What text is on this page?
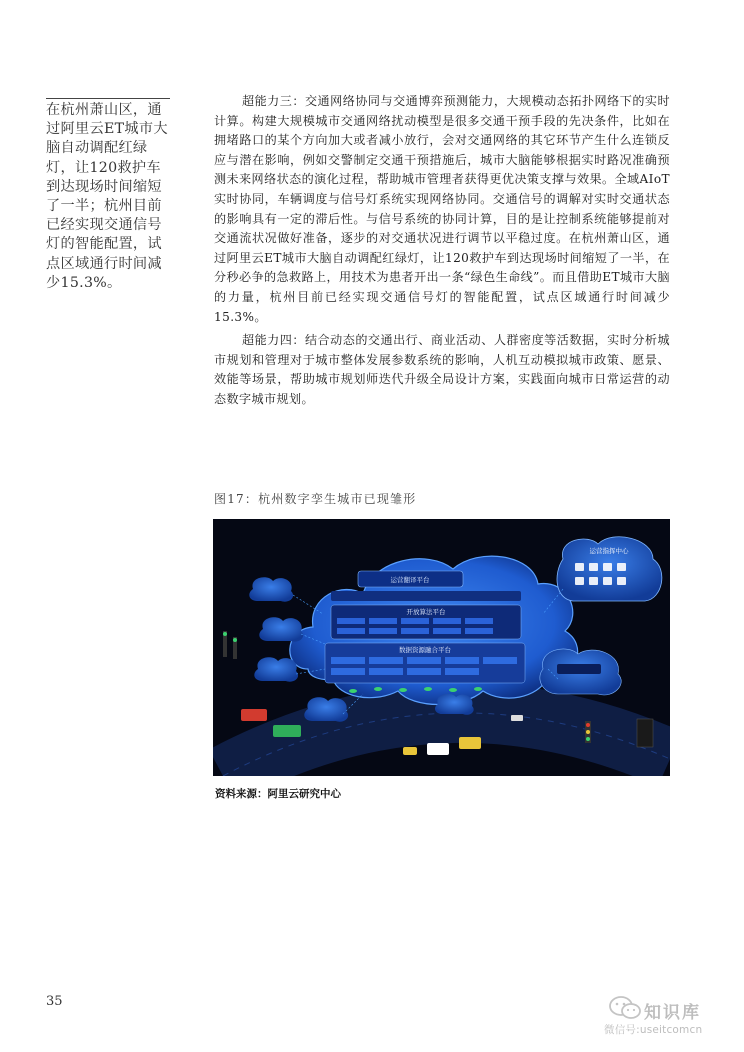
在杭州萧山区，通过阿里云ET城市大脑自动调配红绿灯，让120救护车到达现场时间缩短了一半；杭州目前已经实现交通信号灯的智能配置，试点区域通行时间减少15.3%。

超能力三：交通网络协同与交通博弈预测能力，大规模动态拓扑网络下的实时计算。构建大规模城市交通网络扰动模型是很多交通干预手段的先决条件，比如在拥堵路口的某个方向加大或者减小放行，会对交通网络的其它环节产生什么连锁反应与潜在影响，例如交警制定交通干预措施后，城市大脑能够根据实时路况准确预测未来网络状态的演化过程，帮助城市管理者获得更优决策支撑与效果。全域AIoT实时协同，车辆调度与信号灯系统实现网络协同。交通信号的调解对实时交通状态的影响具有一定的滞后性。与信号系统的协同计算，目的是让控制系统能够提前对交通流状况做好准备，逐步的对交通状况进行调节以平稳过度。在杭州萧山区，通过阿里云ET城市大脑自动调配红绿灯，让120救护车到达现场时间缩短了一半，在分秒必争的急救路上，用技术为患者开出一条“绿色生命线”。而且借助ET城市大脑的力量，杭州目前已经实现交通信号灯的智能配置，试点区域通行时间减少15.3%。

超能力四：结合动态的交通出行、商业活动、人群密度等活数据，实时分析城市规划和管理对于城市整体发展参数系统的影响，人机互动模拟城市政策、愿景、效能等场景，帮助城市规划师迭代升级全局设计方案，实践面向城市日常运营的动态数字城市规划。

图17：杭州数字孪生城市已现雏形
运营翻译平台
开放算法平台
数据资源融合平台
运营指挥中心
资料来源：阿里云研究中心
35
知识库
微信号:useitcomcn
